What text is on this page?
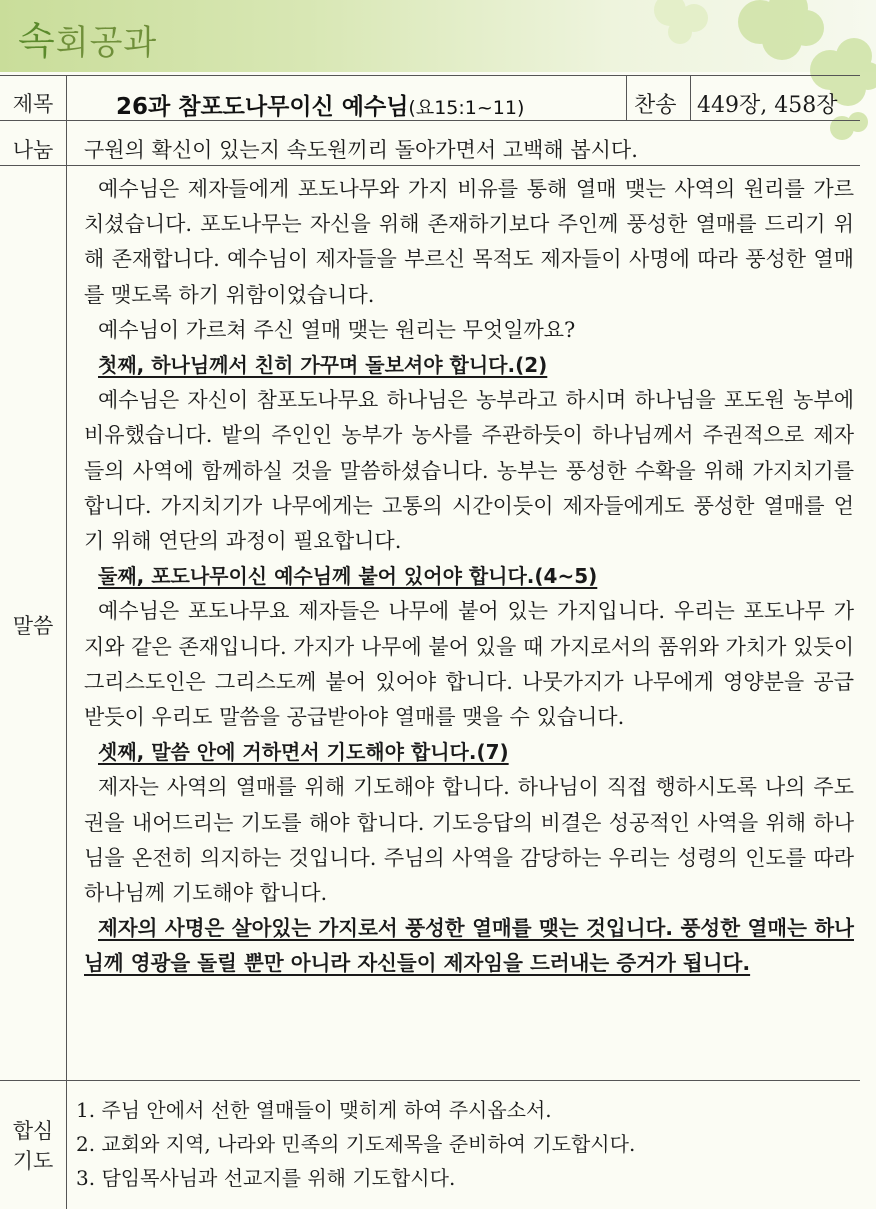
속회공과
제목	26과 참포도나무이신 예수님(요15:1~11)	찬송 449장, 458장
나눔	구원의 확신이 있는지 속도원끼리 돌아가면서 고백해 봅시다.
말씀

예수님은 제자들에게 포도나무와 가지 비유를 통해 열매 맺는 사역의 원리를 가르치셨습니다. 포도나무는 자신을 위해 존재하기보다 주인께 풍성한 열매를 드리기 위해 존재합니다. 예수님이 제자들을 부르신 목적도 제자들이 사명에 따라 풍성한 열매를 맺도록 하기 위함이었습니다.

예수님이 가르쳐 주신 열매 맺는 원리는 무엇일까요?

첫째, 하나님께서 친히 가꾸며 돌보셔야 합니다.(2)

예수님은 자신이 참포도나무요 하나님은 농부라고 하시며 하나님을 포도원 농부에 비유했습니다. 밭의 주인인 농부가 농사를 주관하듯이 하나님께서 주권적으로 제자들의 사역에 함께하실 것을 말씀하셨습니다. 농부는 풍성한 수확을 위해 가지치기를 합니다. 가지치기가 나무에게는 고통의 시간이듯이 제자들에게도 풍성한 열매를 얻기 위해 연단의 과정이 필요합니다.

둘째, 포도나무이신 예수님께 붙어 있어야 합니다.(4~5)

예수님은 포도나무요 제자들은 나무에 붙어 있는 가지입니다. 우리는 포도나무 가지와 같은 존재입니다. 가지가 나무에 붙어 있을 때 가지로서의 품위와 가치가 있듯이 그리스도인은 그리스도께 붙어 있어야 합니다. 나뭇가지가 나무에게 영양분을 공급받듯이 우리도 말씀을 공급받아야 열매를 맺을 수 있습니다.

셋째, 말씀 안에 거하면서 기도해야 합니다.(7)

제자는 사역의 열매를 위해 기도해야 합니다. 하나님이 직접 행하시도록 나의 주도권을 내어드리는 기도를 해야 합니다. 기도응답의 비결은 성공적인 사역을 위해 하나님을 온전히 의지하는 것입니다. 주님의 사역을 감당하는 우리는 성령의 인도를 따라 하나님께 기도해야 합니다.

제자의 사명은 살아있는 가지로서 풍성한 열매를 맺는 것입니다. 풍성한 열매는 하나님께 영광을 돌릴 뿐만 아니라 자신들이 제자임을 드러내는 증거가 됩니다.

합심
기도
1. 주님 안에서 선한 열매들이 맺히게 하여 주시옵소서.
2. 교회와 지역, 나라와 민족의 기도제목을 준비하여 기도합시다.
3. 담임목사님과 선교지를 위해 기도합시다.
